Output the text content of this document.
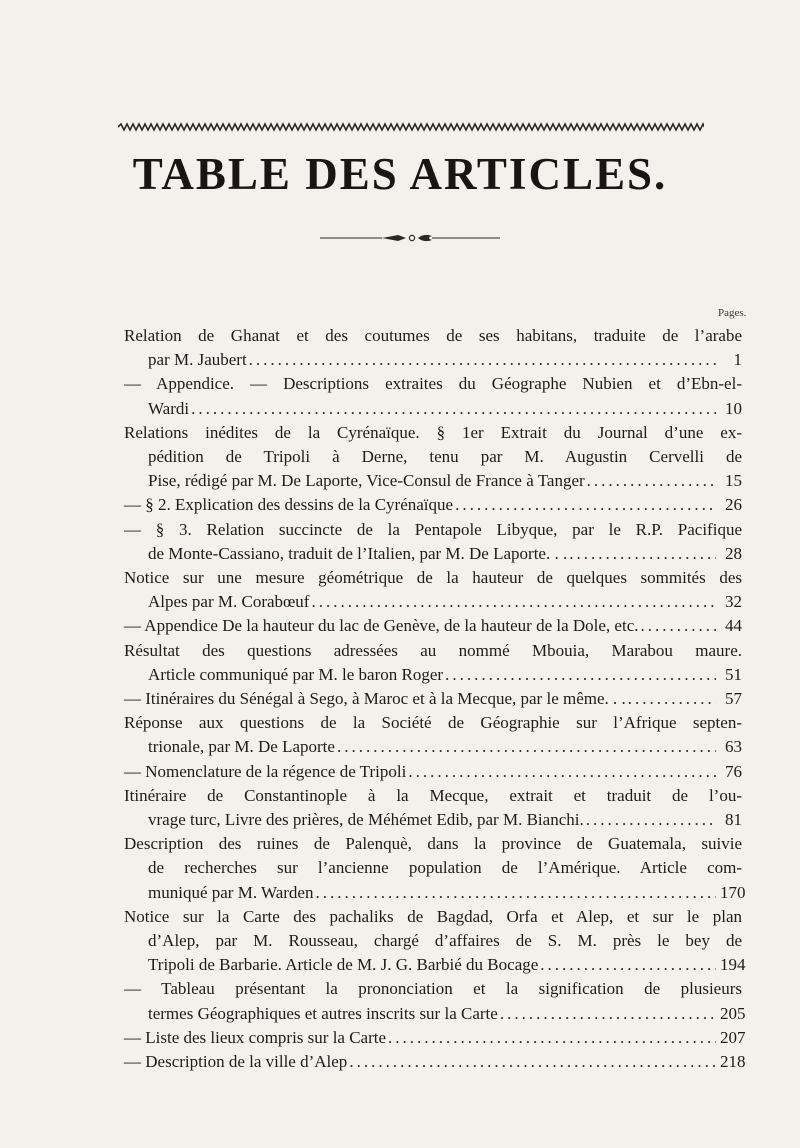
TABLE DES ARTICLES.
Pages.
Relation de Ghanat et des coutumes de ses habitans, traduite de l’arabe
par M. Jaubert .....	1
— Appendice. — Descriptions extraites du Géographe Nubien et d’Ebn-el-
Wardi .....	10
Relations inédites de la Cyrénaïque. § 1er Extrait du Journal d’une ex-
pédition de Tripoli à Derne, tenu par M. Augustin Cervelli de
Pise, rédigé par M. De Laporte, Vice-Consul de France à Tanger .....	15
— § 2. Explication des dessins de la Cyrénaïque .....	26
— § 3. Relation succincte de la Pentapole Libyque, par le R.P. Pacifique
de Monte-Cassiano, traduit de l’Italien, par M. De Laporte. . . .....	28
Notice sur une mesure géométrique de la hauteur de quelques sommités des
Alpes par M. Corabœuf .....	32
— Appendice De la hauteur du lac de Genève, de la hauteur de la Dole, etc. .....	44
Résultat des questions adressées au nommé Mbouia, Marabou maure.
Article communiqué par M. le baron Roger .....	51
— Itinéraires du Sénégal à Sego, à Maroc et à la Mecque, par le même. . . .....	57
Réponse aux questions de la Société de Géographie sur l’Afrique septen-
trionale, par M. De Laporte .....	63
— Nomenclature de la régence de Tripoli .....	76
Itinéraire de Constantinople à la Mecque, extrait et traduit de l’ou-
vrage turc, Livre des prières, de Méhémet Edib, par M. Bianchi. .....	81
Description des ruines de Palenquè, dans la province de Guatemala, suivie
de recherches sur l’ancienne population de l’Amérique. Article com-
muniqué par M. Warden .....	170
Notice sur la Carte des pachaliks de Bagdad, Orfa et Alep, et sur le plan
d’Alep, par M. Rousseau, chargé d’affaires de S. M. près le bey de
Tripoli de Barbarie. Article de M. J. G. Barbié du Bocage .....	194
— Tableau présentant la prononciation et la signification de plusieurs
termes Géographiques et autres inscrits sur la Carte .....	205
— Liste des lieux compris sur la Carte .....	207
— Description de la ville d’Alep .....	218
